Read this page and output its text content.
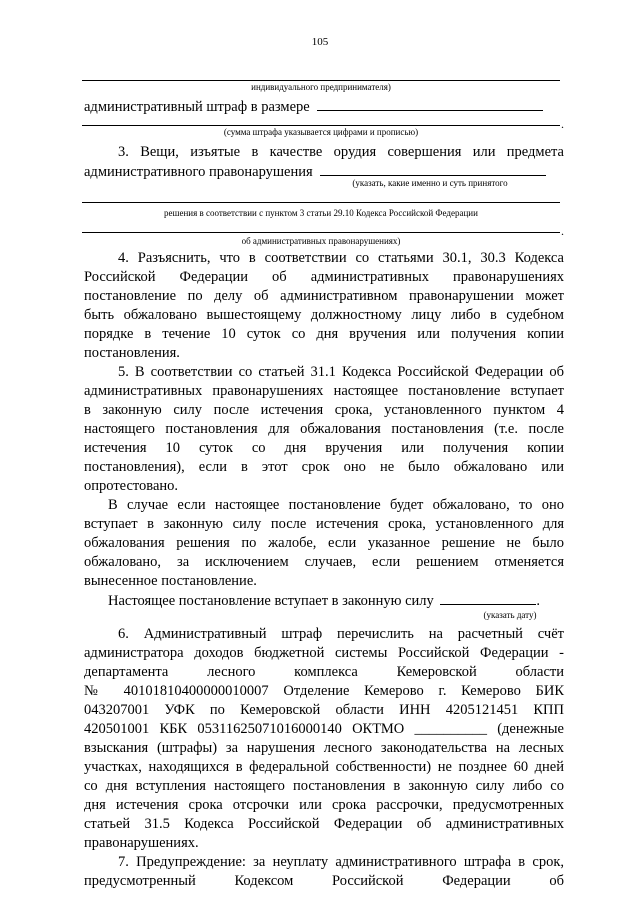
105
индивидуального предпринимателя)
административный штраф в размере
.
(сумма штрафа указывается цифрами и прописью)
3. Вещи, изъятые в качестве орудия совершения или предмета
административного правонарушения
(указать, какие именно и суть принятого
решения в соответствии с пунктом 3 статьи 29.10 Кодекса Российской Федерации
.
об административных правонарушениях)
4. Разъяснить, что в соответствии со статьями 30.1, 30.3 Кодекса
Российской Федерации об административных правонарушениях
постановление по делу об административном правонарушении может
быть обжаловано вышестоящему должностному лицу либо в судебном
порядке в течение 10 суток со дня вручения или получения копии
постановления.
5. В соответствии со статьей 31.1 Кодекса Российской Федерации об
административных правонарушениях настоящее постановление вступает
в законную силу после истечения срока, установленного пунктом 4
настоящего постановления для обжалования постановления (т.е. после
истечения 10 суток со дня вручения или получения копии
постановления), если в этот срок оно не было обжаловано или
опротестовано.
В случае если настоящее постановление будет обжаловано, то оно
вступает в законную силу после истечения срока, установленного для
обжалования решения по жалобе, если указанное решение не было
обжаловано, за исключением случаев, если решением отменяется
вынесенное постановление.
Настоящее постановление вступает в законную силу	.
(указать дату)
6. Административный штраф перечислить на расчетный счёт
администратора доходов бюджетной системы Российской Федерации -
департамента лесного комплекса Кемеровской области
№ 40101810400000010007 Отделение Кемерово г. Кемерово БИК
043207001 УФК по Кемеровской области ИНН 4205121451 КПП
420501001 КБК 05311625071016000140 ОКТМО __________ (денежные
взыскания (штрафы) за нарушения лесного законодательства на лесных
участках, находящихся в федеральной собственности) не позднее 60 дней
со дня вступления настоящего постановления в законную силу либо со
дня истечения срока отсрочки или срока рассрочки, предусмотренных
статьей 31.5 Кодекса Российской Федерации об административных
правонарушениях.
7. Предупреждение: за неуплату административного штрафа в срок,
предусмотренный Кодексом Российской Федерации об
